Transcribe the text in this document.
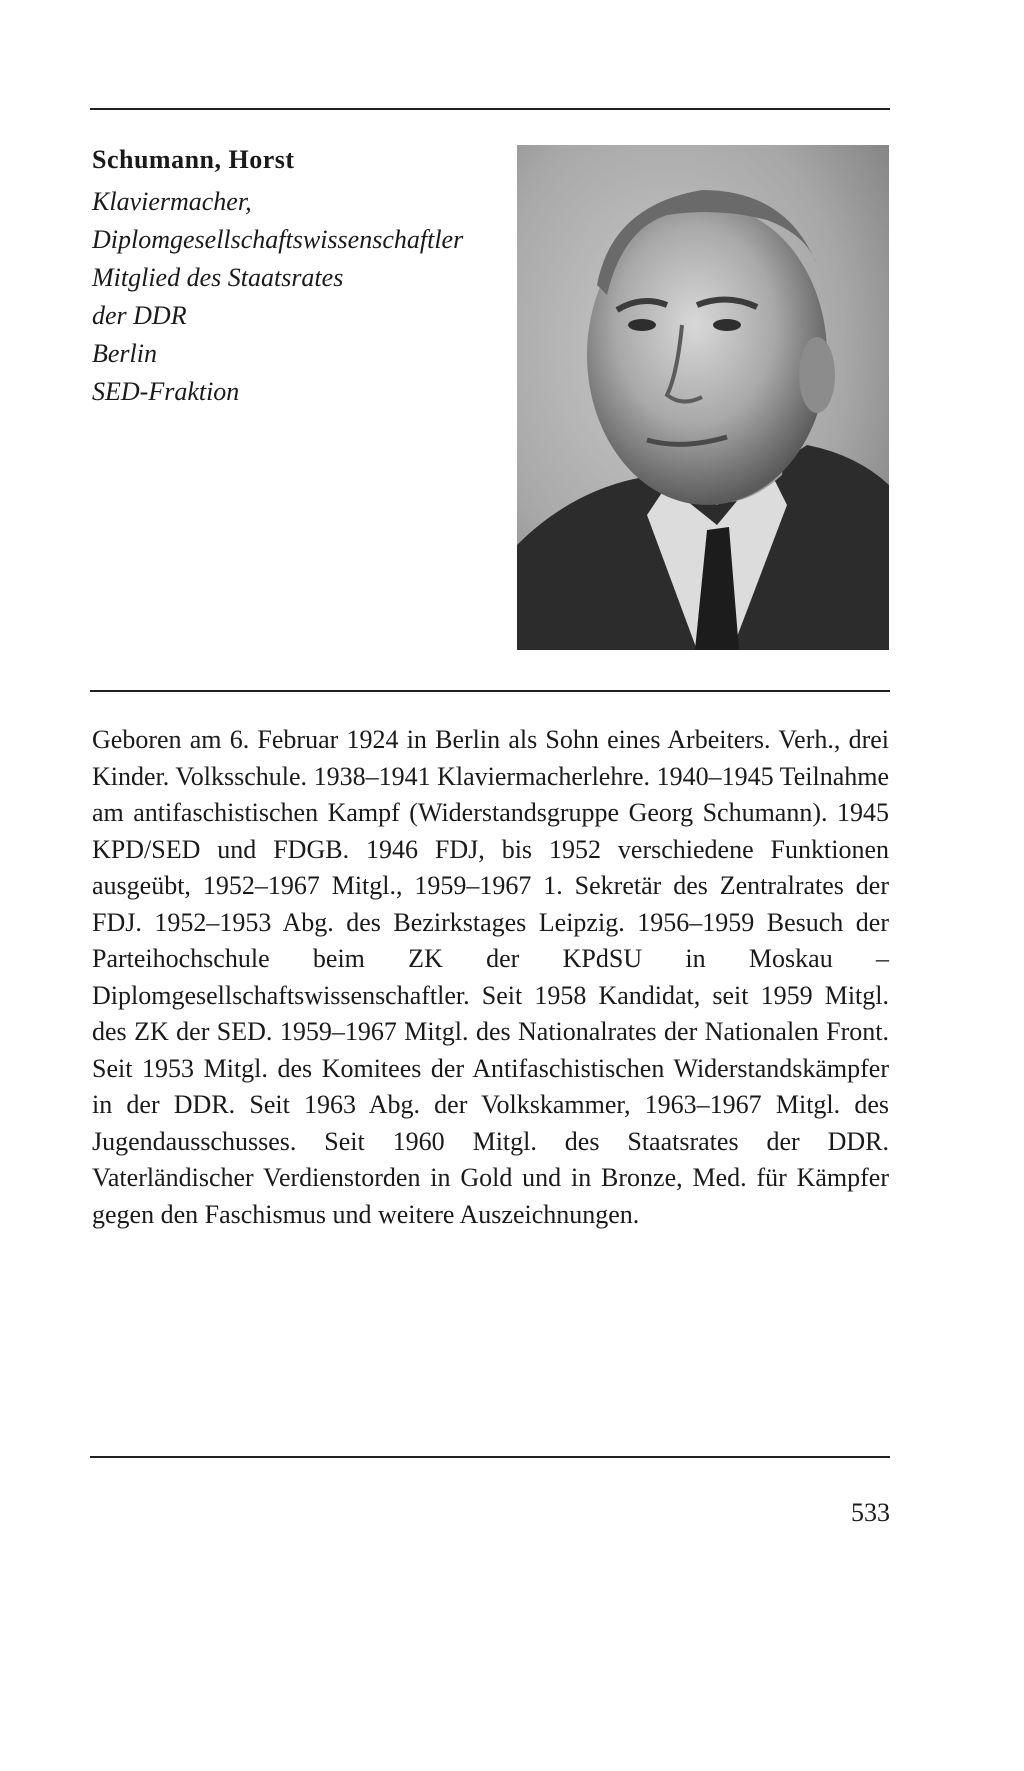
Schumann, Horst

Klaviermacher,

Diplomgesellschaftswissenschaftler

Mitglied des Staatsrates

der DDR

Berlin

SED-Fraktion

Geboren am 6. Februar 1924 in Berlin als Sohn eines Arbeiters. Verh., drei Kinder. Volksschule. 1938–1941 Klaviermacherlehre. 1940–1945 Teilnahme am antifaschistischen Kampf (Widerstandsgruppe Georg Schumann). 1945 KPD/SED und FDGB. 1946 FDJ, bis 1952 verschiedene Funktionen ausgeübt, 1952–1967 Mitgl., 1959–1967 1. Sekretär des Zentralrates der FDJ. 1952–1953 Abg. des Bezirkstages Leipzig. 1956–1959 Besuch der Parteihochschule beim ZK der KPdSU in Moskau – Diplomgesellschaftswissenschaftler. Seit 1958 Kandidat, seit 1959 Mitgl. des ZK der SED. 1959–1967 Mitgl. des Nationalrates der Nationalen Front. Seit 1953 Mitgl. des Komitees der Antifaschistischen Widerstandskämpfer in der DDR. Seit 1963 Abg. der Volkskammer, 1963–1967 Mitgl. des Jugendausschusses. Seit 1960 Mitgl. des Staatsrates der DDR. Vaterländischer Verdienstorden in Gold und in Bronze, Med. für Kämpfer gegen den Faschismus und weitere Auszeichnungen.

533
